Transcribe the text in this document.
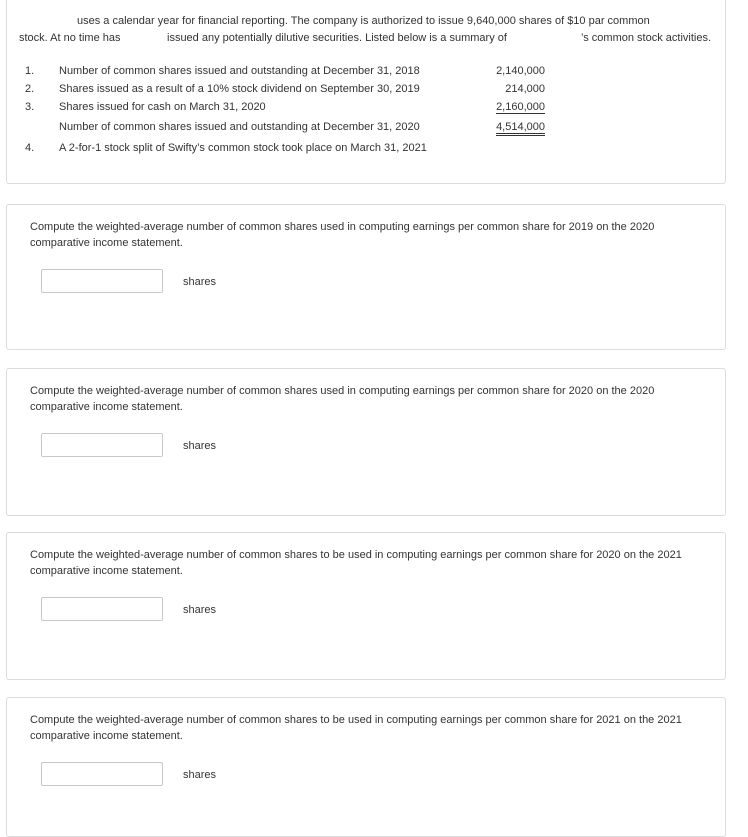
uses a calendar year for financial reporting. The company is authorized to issue 9,640,000 shares of $10 par common
stock. At no time has	issued any potentially dilutive securities. Listed below is a summary of	’s common stock activities.
1.	Number of common shares issued and outstanding at December 31, 2018	2,140,000
2.	Shares issued as a result of a 10% stock dividend on September 30, 2019	214,000
3.	Shares issued for cash on March 31, 2020	2,160,000
Number of common shares issued and outstanding at December 31, 2020	4,514,000
4.	A 2-for-1 stock split of Swifty’s common stock took place on March 31, 2021
Compute the weighted-average number of common shares used in computing earnings per common share for 2019 on the 2020 comparative income statement.
shares
Compute the weighted-average number of common shares used in computing earnings per common share for 2020 on the 2020 comparative income statement.
shares
Compute the weighted-average number of common shares to be used in computing earnings per common share for 2020 on the 2021 comparative income statement.
shares
Compute the weighted-average number of common shares to be used in computing earnings per common share for 2021 on the 2021 comparative income statement.
shares
